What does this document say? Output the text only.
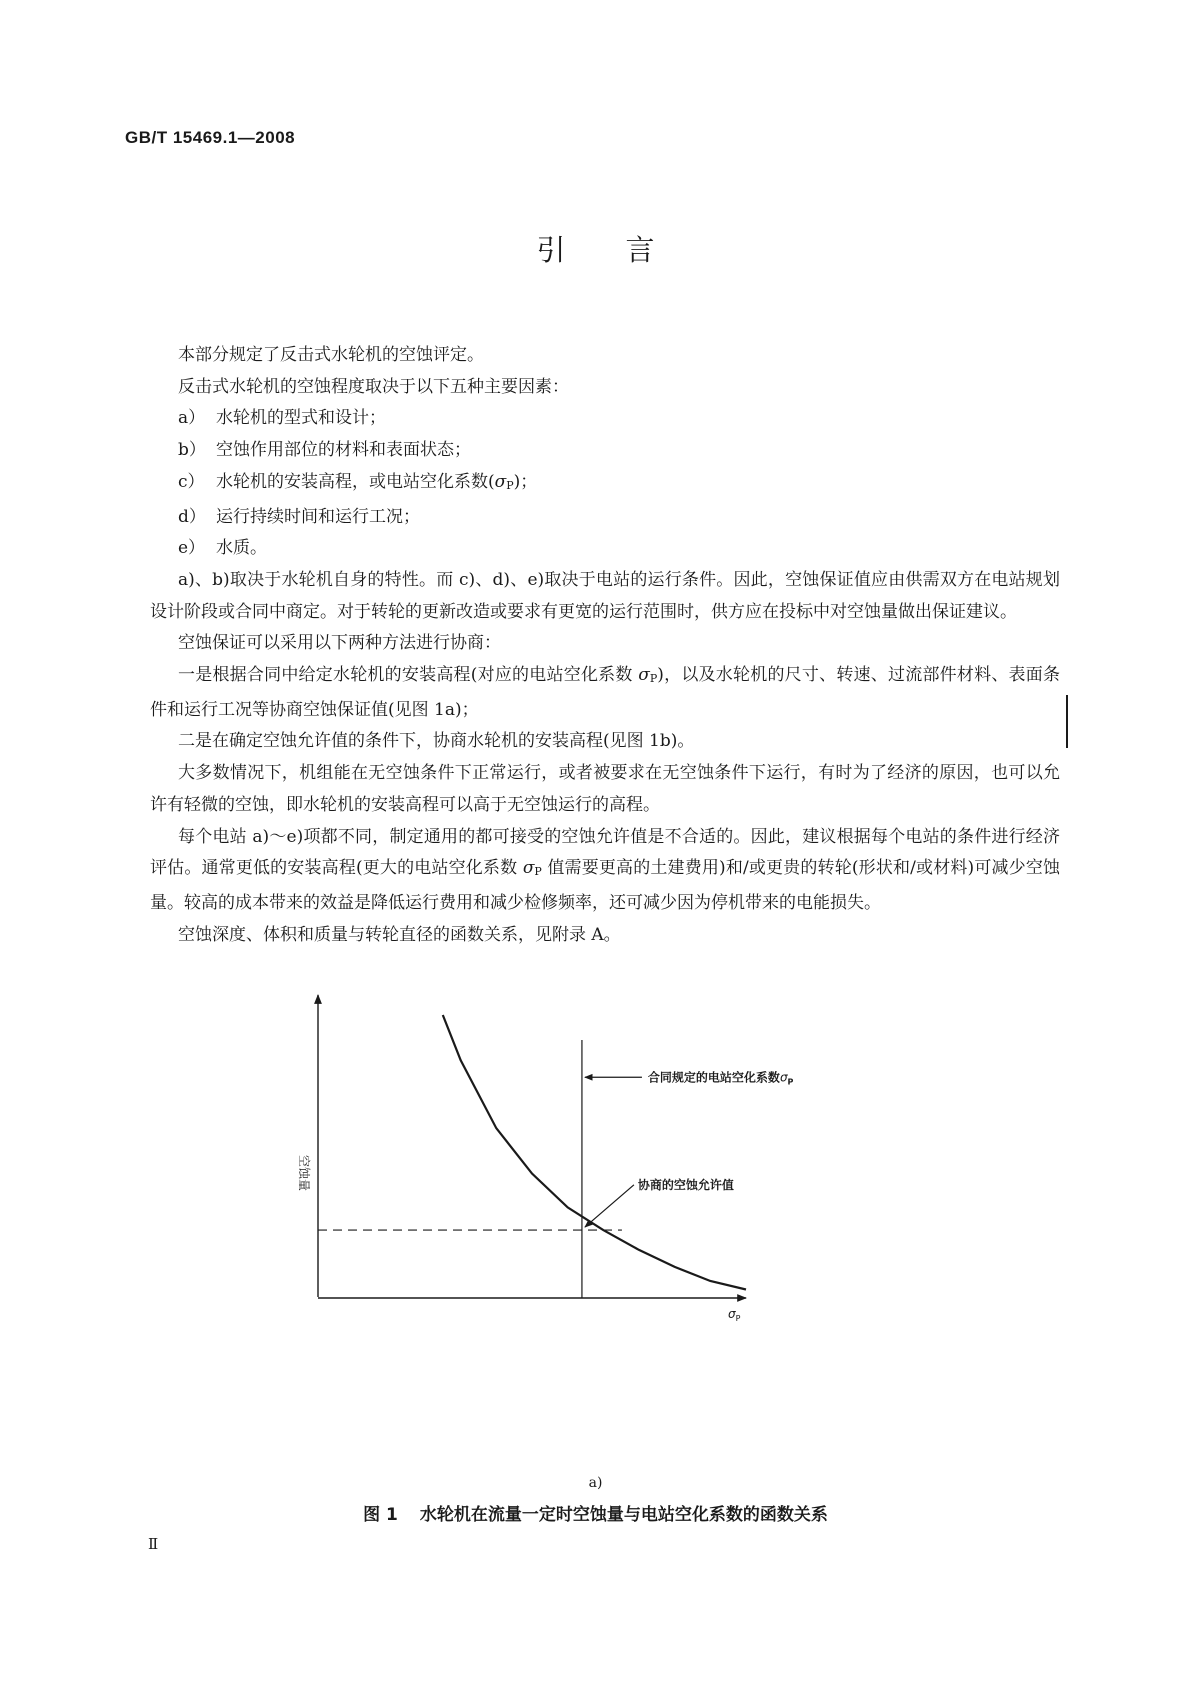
GB/T 15469.1—2008
引言

本部分规定了反击式水轮机的空蚀评定。

反击式水轮机的空蚀程度取决于以下五种主要因素：

a） 水轮机的型式和设计；

b） 空蚀作用部位的材料和表面状态；

c） 水轮机的安装高程，或电站空化系数(σP)；

d） 运行持续时间和运行工况；

e） 水质。

a)、b)取决于水轮机自身的特性。而 c)、d)、e)取决于电站的运行条件。因此，空蚀保证值应由供需双方在电站规划设计阶段或合同中商定。对于转轮的更新改造或要求有更宽的运行范围时，供方应在投标中对空蚀量做出保证建议。

空蚀保证可以采用以下两种方法进行协商：

一是根据合同中给定水轮机的安装高程(对应的电站空化系数 σP)，以及水轮机的尺寸、转速、过流部件材料、表面条件和运行工况等协商空蚀保证值(见图 1a)；

二是在确定空蚀允许值的条件下，协商水轮机的安装高程(见图 1b)。

大多数情况下，机组能在无空蚀条件下正常运行，或者被要求在无空蚀条件下运行，有时为了经济的原因，也可以允许有轻微的空蚀，即水轮机的安装高程可以高于无空蚀运行的高程。

每个电站 a)～e)项都不同，制定通用的都可接受的空蚀允许值是不合适的。因此，建议根据每个电站的条件进行经济评估。通常更低的安装高程(更大的电站空化系数 σP 值需要更高的土建费用)和/或更贵的转轮(形状和/或材料)可减少空蚀量。较高的成本带来的效益是降低运行费用和减少检修频率，还可减少因为停机带来的电能损失。

空蚀深度、体积和质量与转轮直径的函数关系，见附录 A。

空蚀量
$\sigma_P$
合同规定的电站空化系数$\sigma_P$
协商的空蚀允许值
a)
图 1 水轮机在流量一定时空蚀量与电站空化系数的函数关系
Ⅱ
